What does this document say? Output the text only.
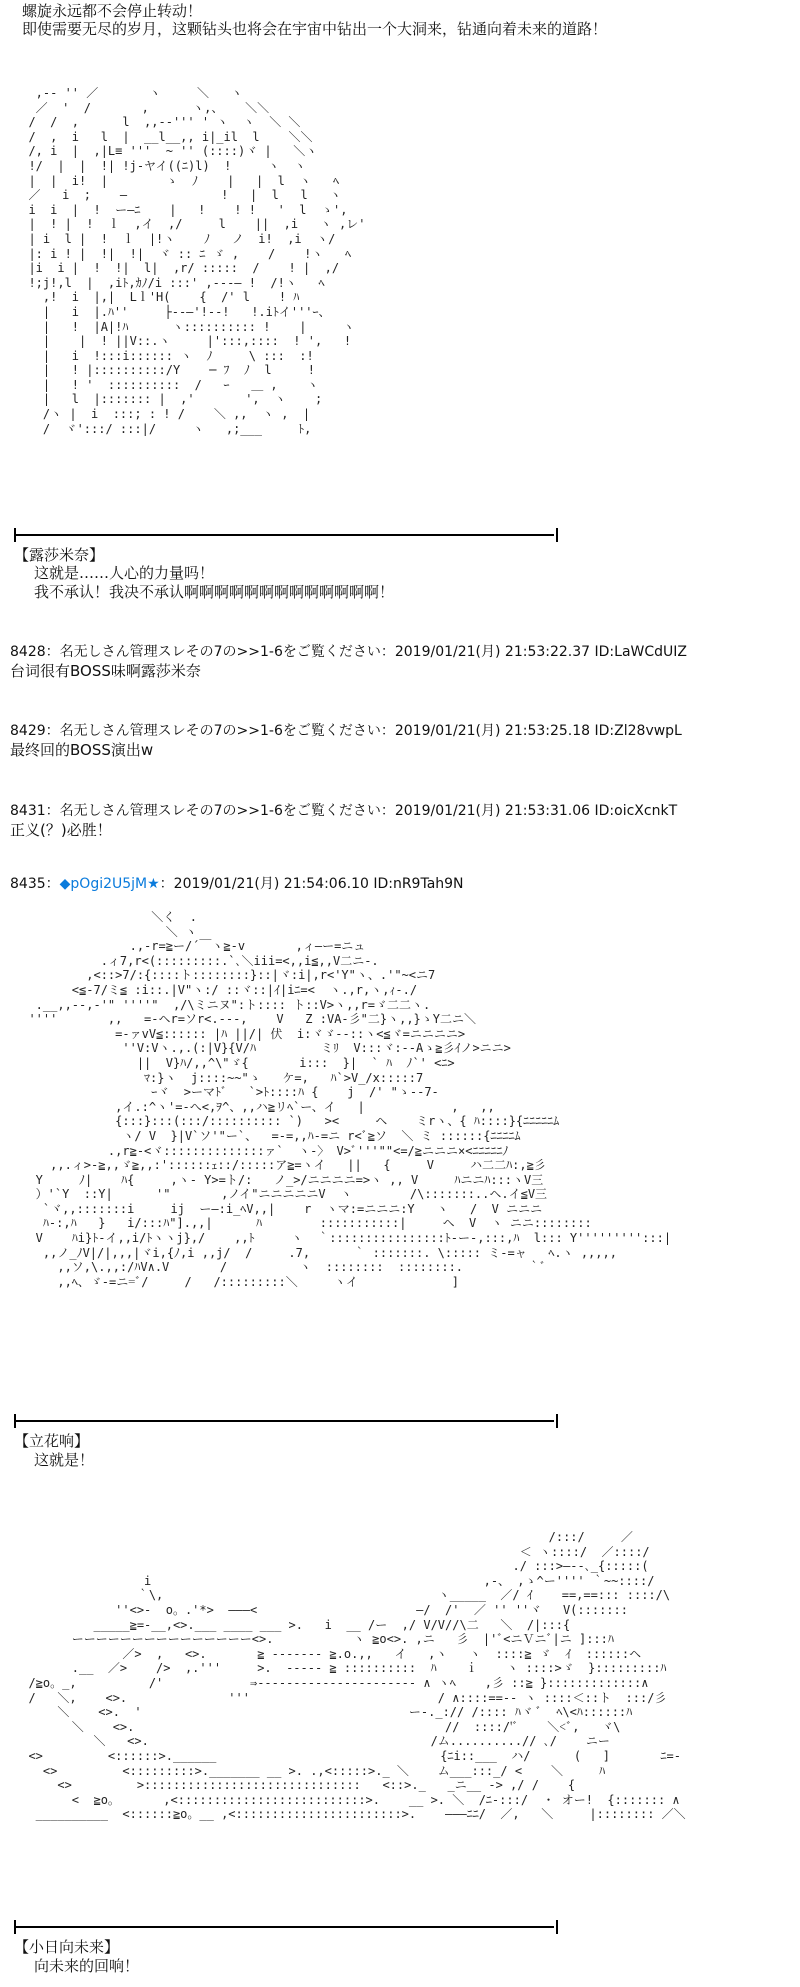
螺旋永远都不会停止转动！
即使需要无尽的岁月，这颗钻头也将会在宇宙中钻出一个大洞来，钻通向着未来的道路！
,-‐ '' ／       ヽ     ＼   ヽ
／  '  /       ,      ヽ,、   ＼＼
/  /  ,      l  ,,-‐''' ' ヽ  ヽ  ＼ ＼
/  ,  i   l  |  __l__,, i|_il  l    ＼＼
/, i  |  ,|L≡ '''  ~ '' (::::)ヾ |   ＼ヽ
!/  |  |  !| !j-ヤイ((ﾆ)l)  !     ヽ  ヽ
|  |  i!  |        ゝ  ﾉ    |   |  l  ヽ   ﾍ
／   i  ;    ―             !   |  l   l   ヽ
i  i  |  !  ー―ﾆ    |   !    ! !   '  l  ゝ',
|  ! |  !  ｌ  ,イ  ,/     l    ||  ,i   ヽ ,レ'
| i  l |  !  ｌ  |!ヽ    ﾉ   ノ  i!  ,i  ヽ/
|: i ! |  !|  !|  ヾ :: ﾆ ゞ ,    /    !ヽ   ﾍ
|i  i |  !  !|  l|  ,r/ :::::  /    ! |  ,/
!;j!,l  |  ,iﾄ,ｶﾉ/i :::' ,-‐‐― !  /!ヽ   ﾍ
,!  i  |,|  Lｌ'H(    {  /' l    ! ﾊ
|   i  |.ﾊ''     ├‐‐―'!-‐!   !.iﾄイ'''ｰ、
|   !  |A|!ﾊ      ヽ:::::::::: !    |     ヽ
|    |  ! ||V::.ヽ     |':::,::::  ! ',   !
|   i  !:::i:::::: ヽ  ﾉ     \ :::  :!
|   ! |::::::::::/Y    ─ ﾌ  ﾉ  l     !
|   ! '  ::::::::::  /   ｰ   ＿ ,    ヽ
|   l  |::::::: |  ,'       ',  ヽ    ;
/ヽ |  i  :::; : ! /    ＼ ,,  ヽ ,  |
/  ヾ':::/ :::|/     ヽ   ,;___     ﾄ,
【露莎米奈】
这就是……人心的力量吗！
我不承认！我决不承认啊啊啊啊啊啊啊啊啊啊啊啊啊！
8428：名无しさん管理スレその7の>>1-6をご覧ください：2019/01/21(月) 21:53:22.37 ID:LaWCdUIZ
台词很有BOSS味啊露莎米奈
8429：名无しさん管理スレその7の>>1-6をご覧ください：2019/01/21(月) 21:53:25.18 ID:Zl28vwpL
最终回的BOSS演出w
8431：名无しさん管理スレその7の>>1-6をご覧ください：2019/01/21(月) 21:53:31.06 ID:oicXcnkT
正义(？)必胜！
8435：◆pOgi2U5jM★：2019/01/21(月) 21:54:06.10 ID:nR9Tah9N
＼く  .
＼ ヽ
.,-r=≧ー/´￣ヽ≧-v       ,ィ―ー=ニュ
.ィ7,r<(:::::::::.`､＼iii=<,,i≦,,V二ニ-.
,<::>7/:{::::ト::::::::}::|ヾ:i|,r<'Y"ヽ、.'"~<ニ7
<≦-7/ミ≦ :i::.|V"ヽ:/ ::ヾ::|ｲ|iﾆ=<  ヽ.,r,ヽ,ｨ-./
.__,,--,-'" ''''"  ,/\ミニヌ":ト:::: ト::V>ヽ,,r=ゞ二二ヽ.
''''       ,,   =-ヘr=ソr<.---,    V   Z :VA-彡"二}ヽ,,}ゝY二ニ＼
=-ァvV≦:::::: |ﾊ ||/| 伏  i:ヾゞ--::ヽ<≦ヾ=ニニニニ>
''V:Vヽ.,.(:|V}{V/ﾊ         ミﾘ  V:::ヾ:--Aゝ≧彡ｲノ>ニニ>
||  V}ﾊ/,,^\"ゞ{       i:::  }|  ` ﾊ  ﾉ`' <ﾆ>
ﾏ:}ヽ  j::::~~"ゝ   ケ=,   ﾊ`>V_/x:::::7
ｰヾ  >ーマﾄﾞ   `>ﾄ::::ﾊ {    j  /' "ゝ--7-
,イ.:^ヽ'=-へ<,ｦ^、,,ハ≧リﾍ`ー、イ   |            ,   ,,
{:::}:::(:::/:::::::::: `)   ><     ヘ    ミrヽ、{ ﾊ::::}{ﾆﾆﾆﾆﾆﾑ
ヽ/ V  }|V`ソ'"ー`、  =-=,,ﾊ-=ニ r<ﾞ≧ソ  ＼ ミ ::::::{ﾆﾆﾆﾆﾑ
.,r≧-<ヾ::::::::::::::ァ`  ヽ-〉 V>ﾞ'''""<=/≧ニニニ×<ﾆﾆﾆﾆﾆﾉ
,,.ィ>-≧,,ゞ≧,,:'::::::ｪ::/:::::ア≧=ヽイ   ||   {     V     ハ二二ﾊ:,≧彡
Y     ﾉ|    ﾊ{     ,ヽ- Y>=ト/:   ノ_>/ニニニニ=>ヽ ,, V     ﾊニニﾊ:::ヽV三
）'`Y  ::Y|      '"       ,ノイ"ニニニニニV  ヽ        /\:::::::..ヘ.イ≦V三
`ヾ,,:::::::i     ij  ー―:i_ﾍV,,|    r  ヽマ:=ニニニ:Y   ヽ   /  V ニニニ
ﾊ-:,ﾊ   }   i/:::ﾊ"].,,|      ﾊ        :::::::::::|     ヘ  V  ヽ ニニ::::::::
V    ﾊi}ﾄ-イ,,i/ﾄヽヽj},/    ,,ﾄ     ヽ  ｀::::::::::::::::ﾄ-ー-,:::,ﾊ  l::: Y''''''''':::|
,,ノ_ﾉV|/|,,,|ヾi,{ﾉ,i ,,j/  /     .7,      ｀ :::::::. \::::: ミ-=ャ   ﾍ.ヽ ,,,,,
,,ソ,\.,,:/ﾊV∧.V       /          ヽ  ::::::::  ::::::::.         ｀ﾞ
,,ﾍ、ゞ-=ニ=ﾞ/     /   /:::::::::＼     ヽイ             ]
【立花响】
这就是！
/:::/     ／
＜ ヽ::::/  ／::::/
./ :::>―‐-､_{:::::(
i                                              ,-、 ,ゝ^ー'''' ｀~~::::/
｀\,                                      ヽ_____  ／/ ｲ    ==,==::: ::::/\
''<>-  o。.'*>  ―――<                      ―/  /'  ／ '' ''ヾ   V(:::::::
_____≧=-__,<>.___ ____ ___ >.   i  __ /ー  ,/ V/V//\二   ＼  /|:::{
ーーーーーーーーーーーーーーー<>.           ヽ ≧o<>. ,ニ   彡  |'ﾞ<ニＶニﾞ|ニ ]:::ﾊ
／>  ,   <>.       ≧ ------- ≧.o.,,   イ   ,ヽ   ヽ  ::::≧ ゞ  ｲ  ::::::ヘ
.__  ／>    />  ,.'''     >.  ----- ≧ ::::::::::  ﾊ    ｉ    ヽ ::::>ゞ  }:::::::::ﾊ
/≧o。_,          /'            ⇒---------------------- ∧ ヽﾍ    ,彡 ::≧ }:::::::::::::∧
/   ＼,    <>.              '''                          / ∧::::==-- ヽ ::::＜::ト  :::/彡
＼    <>.  '                                     ー-._:// /:::: ﾊヾ ﾞ  ﾍ\<ﾊ::::::ﾊ
＼    <>.                                           //  ::::/'ﾞ    ＼<ﾞ,   ヾ\
＼   <>.                                       /ム..........// ､/    ニー
<>         <::::::>.______                               {ﾆi::___  ハ/      (   ]       ﾆ=-
<>         <:::::::::>._______ __ >. .,<:::::>._ ＼    ム___:::_/ <    ＼     ﾊ
<>         >::::::::::::::::::::::::::::::   <::>._   _ニ__ -> ,/ /    {
<  ≧o。      ,<::::::::::::::::::::::::::>.    __ >. ＼  /ﾆ-:::/  ・ オー!  {::::::: ∧
__________  <::::::≧o。__ ,<:::::::::::::::::::::::>.    ―――ﾆﾆ/  ／,   ＼     |:::::::: ／＼
【小日向未来】
向未来的回响！
